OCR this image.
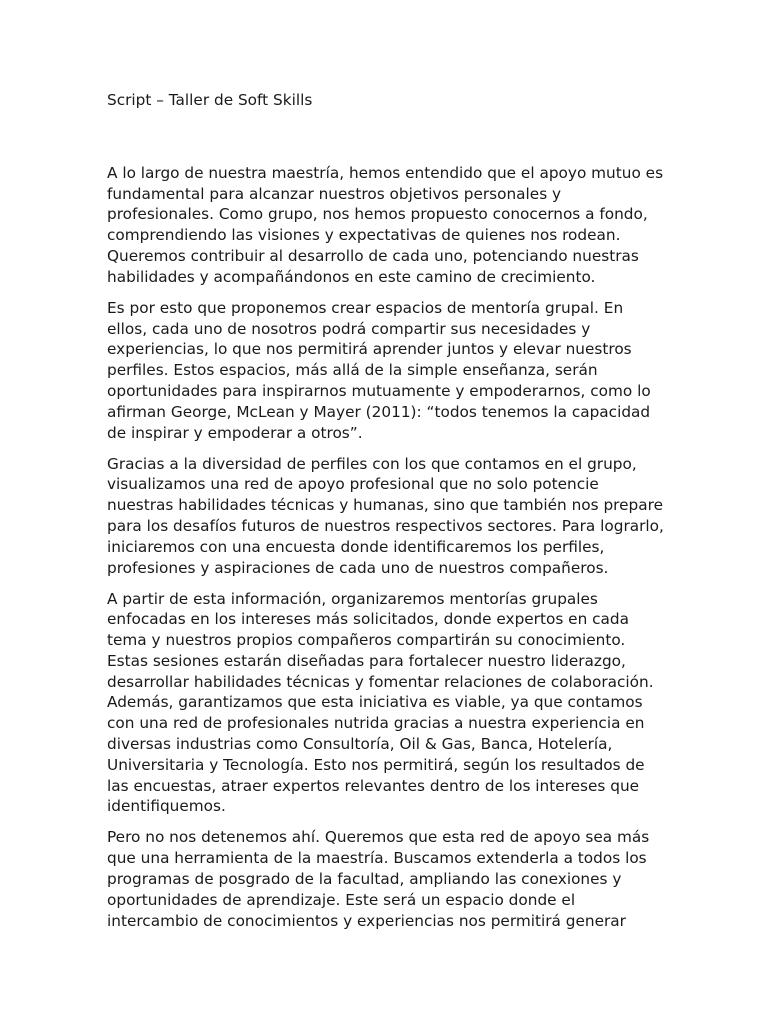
Script – Taller de Soft Skills

A lo largo de nuestra maestría, hemos entendido que el apoyo mutuo es fundamental para alcanzar nuestros objetivos personales y profesionales. Como grupo, nos hemos propuesto conocernos a fondo, comprendiendo las visiones y expectativas de quienes nos rodean. Queremos contribuir al desarrollo de cada uno, potenciando nuestras habilidades y acompañándonos en este camino de crecimiento.

Es por esto que proponemos crear espacios de mentoría grupal. En ellos, cada uno de nosotros podrá compartir sus necesidades y experiencias, lo que nos permitirá aprender juntos y elevar nuestros perfiles. Estos espacios, más allá de la simple enseñanza, serán oportunidades para inspirarnos mutuamente y empoderarnos, como lo afirman George, McLean y Mayer (2011): “todos tenemos la capacidad de inspirar y empoderar a otros”.

Gracias a la diversidad de perfiles con los que contamos en el grupo, visualizamos una red de apoyo profesional que no solo potencie nuestras habilidades técnicas y humanas, sino que también nos prepare para los desafíos futuros de nuestros respectivos sectores. Para lograrlo, iniciaremos con una encuesta donde identificaremos los perfiles, profesiones y aspiraciones de cada uno de nuestros compañeros.

A partir de esta información, organizaremos mentorías grupales enfocadas en los intereses más solicitados, donde expertos en cada tema y nuestros propios compañeros compartirán su conocimiento. Estas sesiones estarán diseñadas para fortalecer nuestro liderazgo, desarrollar habilidades técnicas y fomentar relaciones de colaboración. Además, garantizamos que esta iniciativa es viable, ya que contamos con una red de profesionales nutrida gracias a nuestra experiencia en diversas industrias como Consultoría, Oil & Gas, Banca, Hotelería, Universitaria y Tecnología. Esto nos permitirá, según los resultados de las encuestas, atraer expertos relevantes dentro de los intereses que identifiquemos.

Pero no nos detenemos ahí. Queremos que esta red de apoyo sea más que una herramienta de la maestría. Buscamos extenderla a todos los programas de posgrado de la facultad, ampliando las conexiones y oportunidades de aprendizaje. Este será un espacio donde el intercambio de conocimientos y experiencias nos permitirá generar
